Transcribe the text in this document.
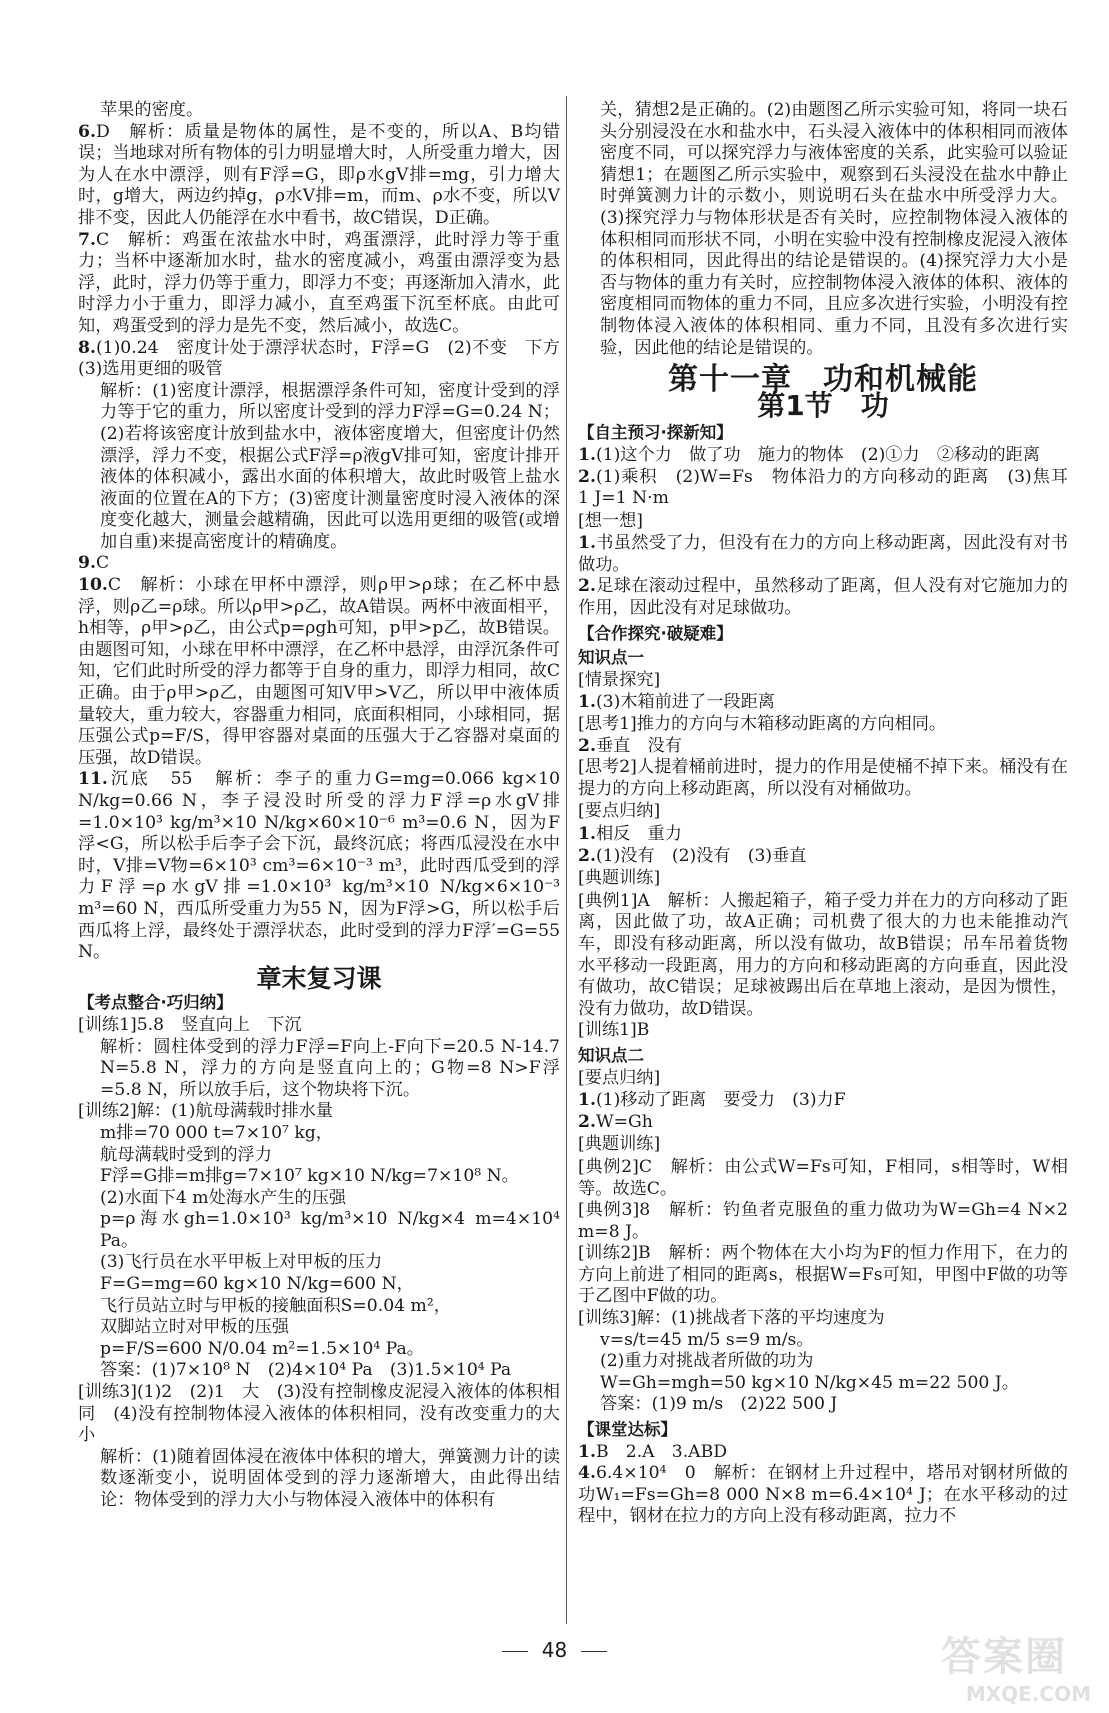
苹果的密度。
6.D　解析：质量是物体的属性，是不变的，所以A、B均错误；当地球对所有物体的引力明显增大时，人所受重力增大，因为人在水中漂浮，则有F浮=G，即ρ水gV排=mg，引力增大时，g增大，两边约掉g，ρ水V排=m，而m、ρ水不变，所以V排不变，因此人仍能浮在水中看书，故C错误，D正确。
7.C　解析：鸡蛋在浓盐水中时，鸡蛋漂浮，此时浮力等于重力；当杯中逐渐加水时，盐水的密度减小，鸡蛋由漂浮变为悬浮，此时，浮力仍等于重力，即浮力不变；再逐渐加入清水，此时浮力小于重力，即浮力减小，直至鸡蛋下沉至杯底。由此可知，鸡蛋受到的浮力是先不变，然后减小，故选C。
8.(1)0.24　密度计处于漂浮状态时，F浮=G　(2)不变　下方　(3)选用更细的吸管
解析：(1)密度计漂浮，根据漂浮条件可知，密度计受到的浮力等于它的重力，所以密度计受到的浮力F浮=G=0.24 N；(2)若将该密度计放到盐水中，液体密度增大，但密度计仍然漂浮，浮力不变，根据公式F浮=ρ液gV排可知，密度计排开液体的体积减小，露出水面的体积增大，故此时吸管上盐水液面的位置在A的下方；(3)密度计测量密度时浸入液体的深度变化越大，测量会越精确，因此可以选用更细的吸管(或增加自重)来提高密度计的精确度。
9.C
10.C　解析：小球在甲杯中漂浮，则ρ甲>ρ球；在乙杯中悬浮，则ρ乙=ρ球。所以ρ甲>ρ乙，故A错误。两杯中液面相平，h相等，ρ甲>ρ乙，由公式p=ρgh可知，p甲>p乙，故B错误。由题图可知，小球在甲杯中漂浮，在乙杯中悬浮，由浮沉条件可知，它们此时所受的浮力都等于自身的重力，即浮力相同，故C正确。由于ρ甲>ρ乙，由题图可知V甲>V乙，所以甲中液体质量较大，重力较大，容器重力相同，底面积相同，小球相同，据压强公式p=F/S，得甲容器对桌面的压强大于乙容器对桌面的压强，故D错误。
11.沉底　55　解析：李子的重力G=mg=0.066 kg×10 N/kg=0.66 N，李子浸没时所受的浮力F浮=ρ水gV排=1.0×10³ kg/m³×10 N/kg×60×10⁻⁶ m³=0.6 N，因为F浮<G，所以松手后李子会下沉，最终沉底；将西瓜浸没在水中时，V排=V物=6×10³ cm³=6×10⁻³ m³，此时西瓜受到的浮力F浮=ρ水gV排=1.0×10³ kg/m³×10 N/kg×6×10⁻³ m³=60 N，西瓜所受重力为55 N，因为F浮>G，所以松手后西瓜将上浮，最终处于漂浮状态，此时受到的浮力F浮′=G=55 N。
章末复习课
【考点整合·巧归纳】
[训练1]5.8　竖直向上　下沉
解析：圆柱体受到的浮力F浮=F向上-F向下=20.5 N-14.7 N=5.8 N，浮力的方向是竖直向上的；G物=8 N>F浮=5.8 N，所以放手后，这个物块将下沉。
[训练2]解：(1)航母满载时排水量
m排=70 000 t=7×10⁷ kg，
航母满载时受到的浮力
F浮=G排=m排g=7×10⁷ kg×10 N/kg=7×10⁸ N。
(2)水面下4 m处海水产生的压强
p=ρ海水gh=1.0×10³ kg/m³×10 N/kg×4 m=4×10⁴ Pa。
(3)飞行员在水平甲板上对甲板的压力
F=G=mg=60 kg×10 N/kg=600 N，
飞行员站立时与甲板的接触面积S=0.04 m²，
双脚站立时对甲板的压强
p=F/S=600 N/0.04 m²=1.5×10⁴ Pa。
答案：(1)7×10⁸ N　(2)4×10⁴ Pa　(3)1.5×10⁴ Pa
[训练3](1)2　(2)1　大　(3)没有控制橡皮泥浸入液体的体积相同　(4)没有控制物体浸入液体的体积相同，没有改变重力的大小
解析：(1)随着固体浸在液体中体积的增大，弹簧测力计的读数逐渐变小，说明固体受到的浮力逐渐增大，由此得出结论：物体受到的浮力大小与物体浸入液体中的体积有
关，猜想2是正确的。(2)由题图乙所示实验可知，将同一块石头分别浸没在水和盐水中，石头浸入液体中的体积相同而液体密度不同，可以探究浮力与液体密度的关系，此实验可以验证猜想1；在题图乙所示实验中，观察到石头浸没在盐水中静止时弹簧测力计的示数小，则说明石头在盐水中所受浮力大。(3)探究浮力与物体形状是否有关时，应控制物体浸入液体的体积相同而形状不同，小明在实验中没有控制橡皮泥浸入液体的体积相同，因此得出的结论是错误的。(4)探究浮力大小是否与物体的重力有关时，应控制物体浸入液体的体积、液体的密度相同而物体的重力不同，且应多次进行实验，小明没有控制物体浸入液体的体积相同、重力不同，且没有多次进行实验，因此他的结论是错误的。
第十一章　功和机械能
第1节　功
【自主预习·探新知】
1.(1)这个力　做了功　施力的物体　(2)①力　②移动的距离
2.(1)乘积　(2)W=Fs　物体沿力的方向移动的距离　(3)焦耳　1 J=1 N·m
[想一想]
1.书虽然受了力，但没有在力的方向上移动距离，因此没有对书做功。
2.足球在滚动过程中，虽然移动了距离，但人没有对它施加力的作用，因此没有对足球做功。
【合作探究·破疑难】
知识点一
[情景探究]
1.(3)木箱前进了一段距离
[思考1]推力的方向与木箱移动距离的方向相同。
2.垂直　没有
[思考2]人提着桶前进时，提力的作用是使桶不掉下来。桶没有在提力的方向上移动距离，所以没有对桶做功。
[要点归纳]
1.相反　重力
2.(1)没有　(2)没有　(3)垂直
[典题训练]
[典例1]A　解析：人搬起箱子，箱子受力并在力的方向移动了距离，因此做了功，故A正确；司机费了很大的力也未能推动汽车，即没有移动距离，所以没有做功，故B错误；吊车吊着货物水平移动一段距离，用力的方向和移动距离的方向垂直，因此没有做功，故C错误；足球被踢出后在草地上滚动，是因为惯性，没有力做功，故D错误。
[训练1]B
知识点二
[要点归纳]
1.(1)移动了距离　要受力　(3)力F
2.W=Gh
[典题训练]
[典例2]C　解析：由公式W=Fs可知，F相同，s相等时，W相等。故选C。
[典例3]8　解析：钓鱼者克服鱼的重力做功为W=Gh=4 N×2 m=8 J。
[训练2]B　解析：两个物体在大小均为F的恒力作用下，在力的方向上前进了相同的距离s，根据W=Fs可知，甲图中F做的功等于乙图中F做的功。
[训练3]解：(1)挑战者下落的平均速度为
v=s/t=45 m/5 s=9 m/s。
(2)重力对挑战者所做的功为
W=Gh=mgh=50 kg×10 N/kg×45 m=22 500 J。
答案：(1)9 m/s　(2)22 500 J
【课堂达标】
1.B　2.A　3.ABD
4.6.4×10⁴　0　解析：在钢材上升过程中，塔吊对钢材所做的功W₁=Fs=Gh=8 000 N×8 m=6.4×10⁴ J；在水平移动的过程中，钢材在拉力的方向上没有移动距离，拉力不
48	答案圈
MXQE.COM
